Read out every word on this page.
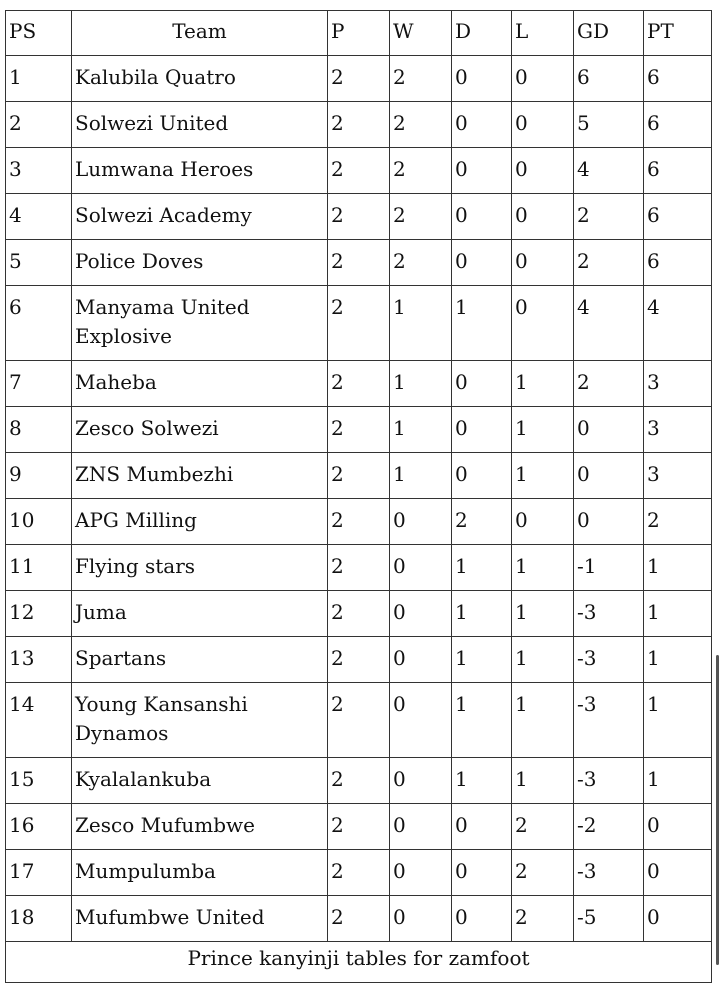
PS	Team	P	W	D	L	GD	PT
1	Kalubila Quatro	2	2	0	0	6	6
2	Solwezi United	2	2	0	0	5	6
3	Lumwana Heroes	2	2	0	0	4	6
4	Solwezi Academy	2	2	0	0	2	6
5	Police Doves	2	2	0	0	2	6
6	Manyama United Explosive	2	1	1	0	4	4
7	Maheba	2	1	0	1	2	3
8	Zesco Solwezi	2	1	0	1	0	3
9	ZNS Mumbezhi	2	1	0	1	0	3
10	APG Milling	2	0	2	0	0	2
11	Flying stars	2	0	1	1	-1	1
12	Juma	2	0	1	1	-3	1
13	Spartans	2	0	1	1	-3	1
14	Young Kansanshi Dynamos	2	0	1	1	-3	1
15	Kyalalankuba	2	0	1	1	-3	1
16	Zesco Mufumbwe	2	0	0	2	-2	0
17	Mumpulumba	2	0	0	2	-3	0
18	Mufumbwe United	2	0	0	2	-5	0
Prince kanyinji tables for zamfoot							
